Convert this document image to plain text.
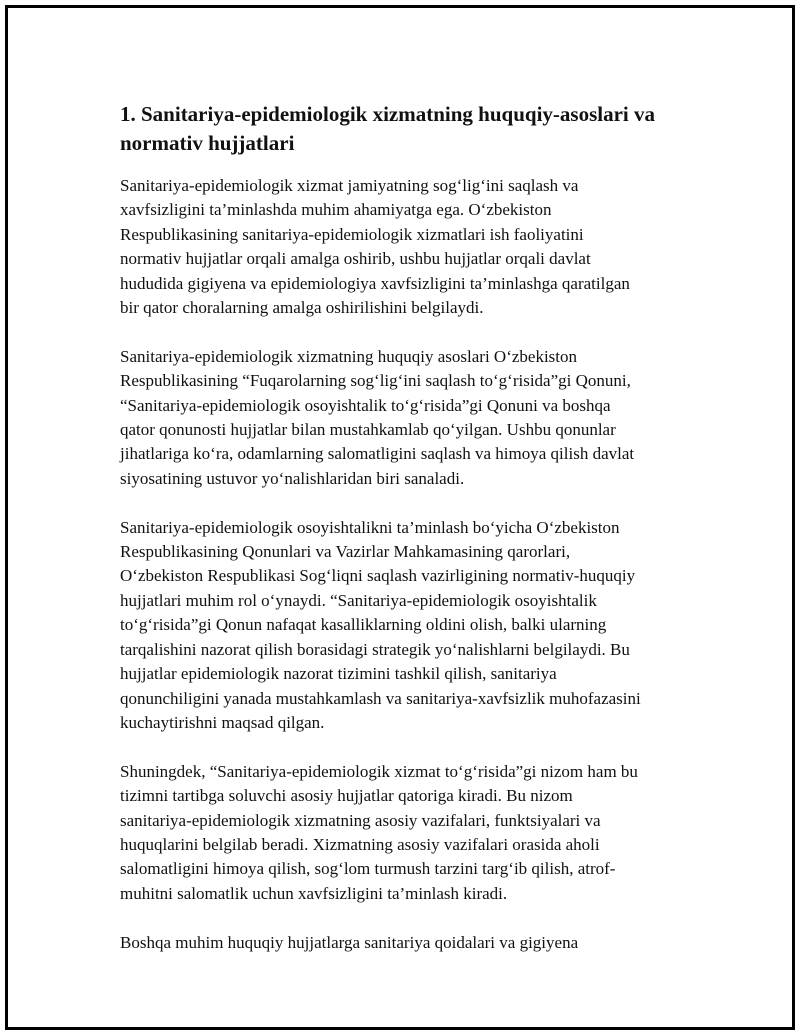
1. Sanitariya-epidemiologik xizmatning huquqiy-asoslari va
normativ hujjatlari

Sanitariya-epidemiologik xizmat jamiyatning sog‘lig‘ini saqlash va
xavfsizligini ta’minlashda muhim ahamiyatga ega. O‘zbekiston
Respublikasining sanitariya-epidemiologik xizmatlari ish faoliyatini
normativ hujjatlar orqali amalga oshirib, ushbu hujjatlar orqali davlat
hududida gigiyena va epidemiologiya xavfsizligini ta’minlashga qaratilgan
bir qator choralarning amalga oshirilishini belgilaydi.

Sanitariya-epidemiologik xizmatning huquqiy asoslari O‘zbekiston
Respublikasining “Fuqarolarning sog‘lig‘ini saqlash to‘g‘risida”gi Qonuni,
“Sanitariya-epidemiologik osoyishtalik to‘g‘risida”gi Qonuni va boshqa
qator qonunosti hujjatlar bilan mustahkamlab qo‘yilgan. Ushbu qonunlar
jihatlariga ko‘ra, odamlarning salomatligini saqlash va himoya qilish davlat
siyosatining ustuvor yo‘nalishlaridan biri sanaladi.

Sanitariya-epidemiologik osoyishtalikni ta’minlash bo‘yicha O‘zbekiston
Respublikasining Qonunlari va Vazirlar Mahkamasining qarorlari,
O‘zbekiston Respublikasi Sog‘liqni saqlash vazirligining normativ-huquqiy
hujjatlari muhim rol o‘ynaydi. “Sanitariya-epidemiologik osoyishtalik
to‘g‘risida”gi Qonun nafaqat kasalliklarning oldini olish, balki ularning
tarqalishini nazorat qilish borasidagi strategik yo‘nalishlarni belgilaydi. Bu
hujjatlar epidemiologik nazorat tizimini tashkil qilish, sanitariya
qonunchiligini yanada mustahkamlash va sanitariya-xavfsizlik muhofazasini
kuchaytirishni maqsad qilgan.

Shuningdek, “Sanitariya-epidemiologik xizmat to‘g‘risida”gi nizom ham bu
tizimni tartibga soluvchi asosiy hujjatlar qatoriga kiradi. Bu nizom
sanitariya-epidemiologik xizmatning asosiy vazifalari, funktsiyalari va
huquqlarini belgilab beradi. Xizmatning asosiy vazifalari orasida aholi
salomatligini himoya qilish, sog‘lom turmush tarzini targ‘ib qilish, atrof-
muhitni salomatlik uchun xavfsizligini ta’minlash kiradi.

Boshqa muhim huquqiy hujjatlarga sanitariya qoidalari va gigiyena
